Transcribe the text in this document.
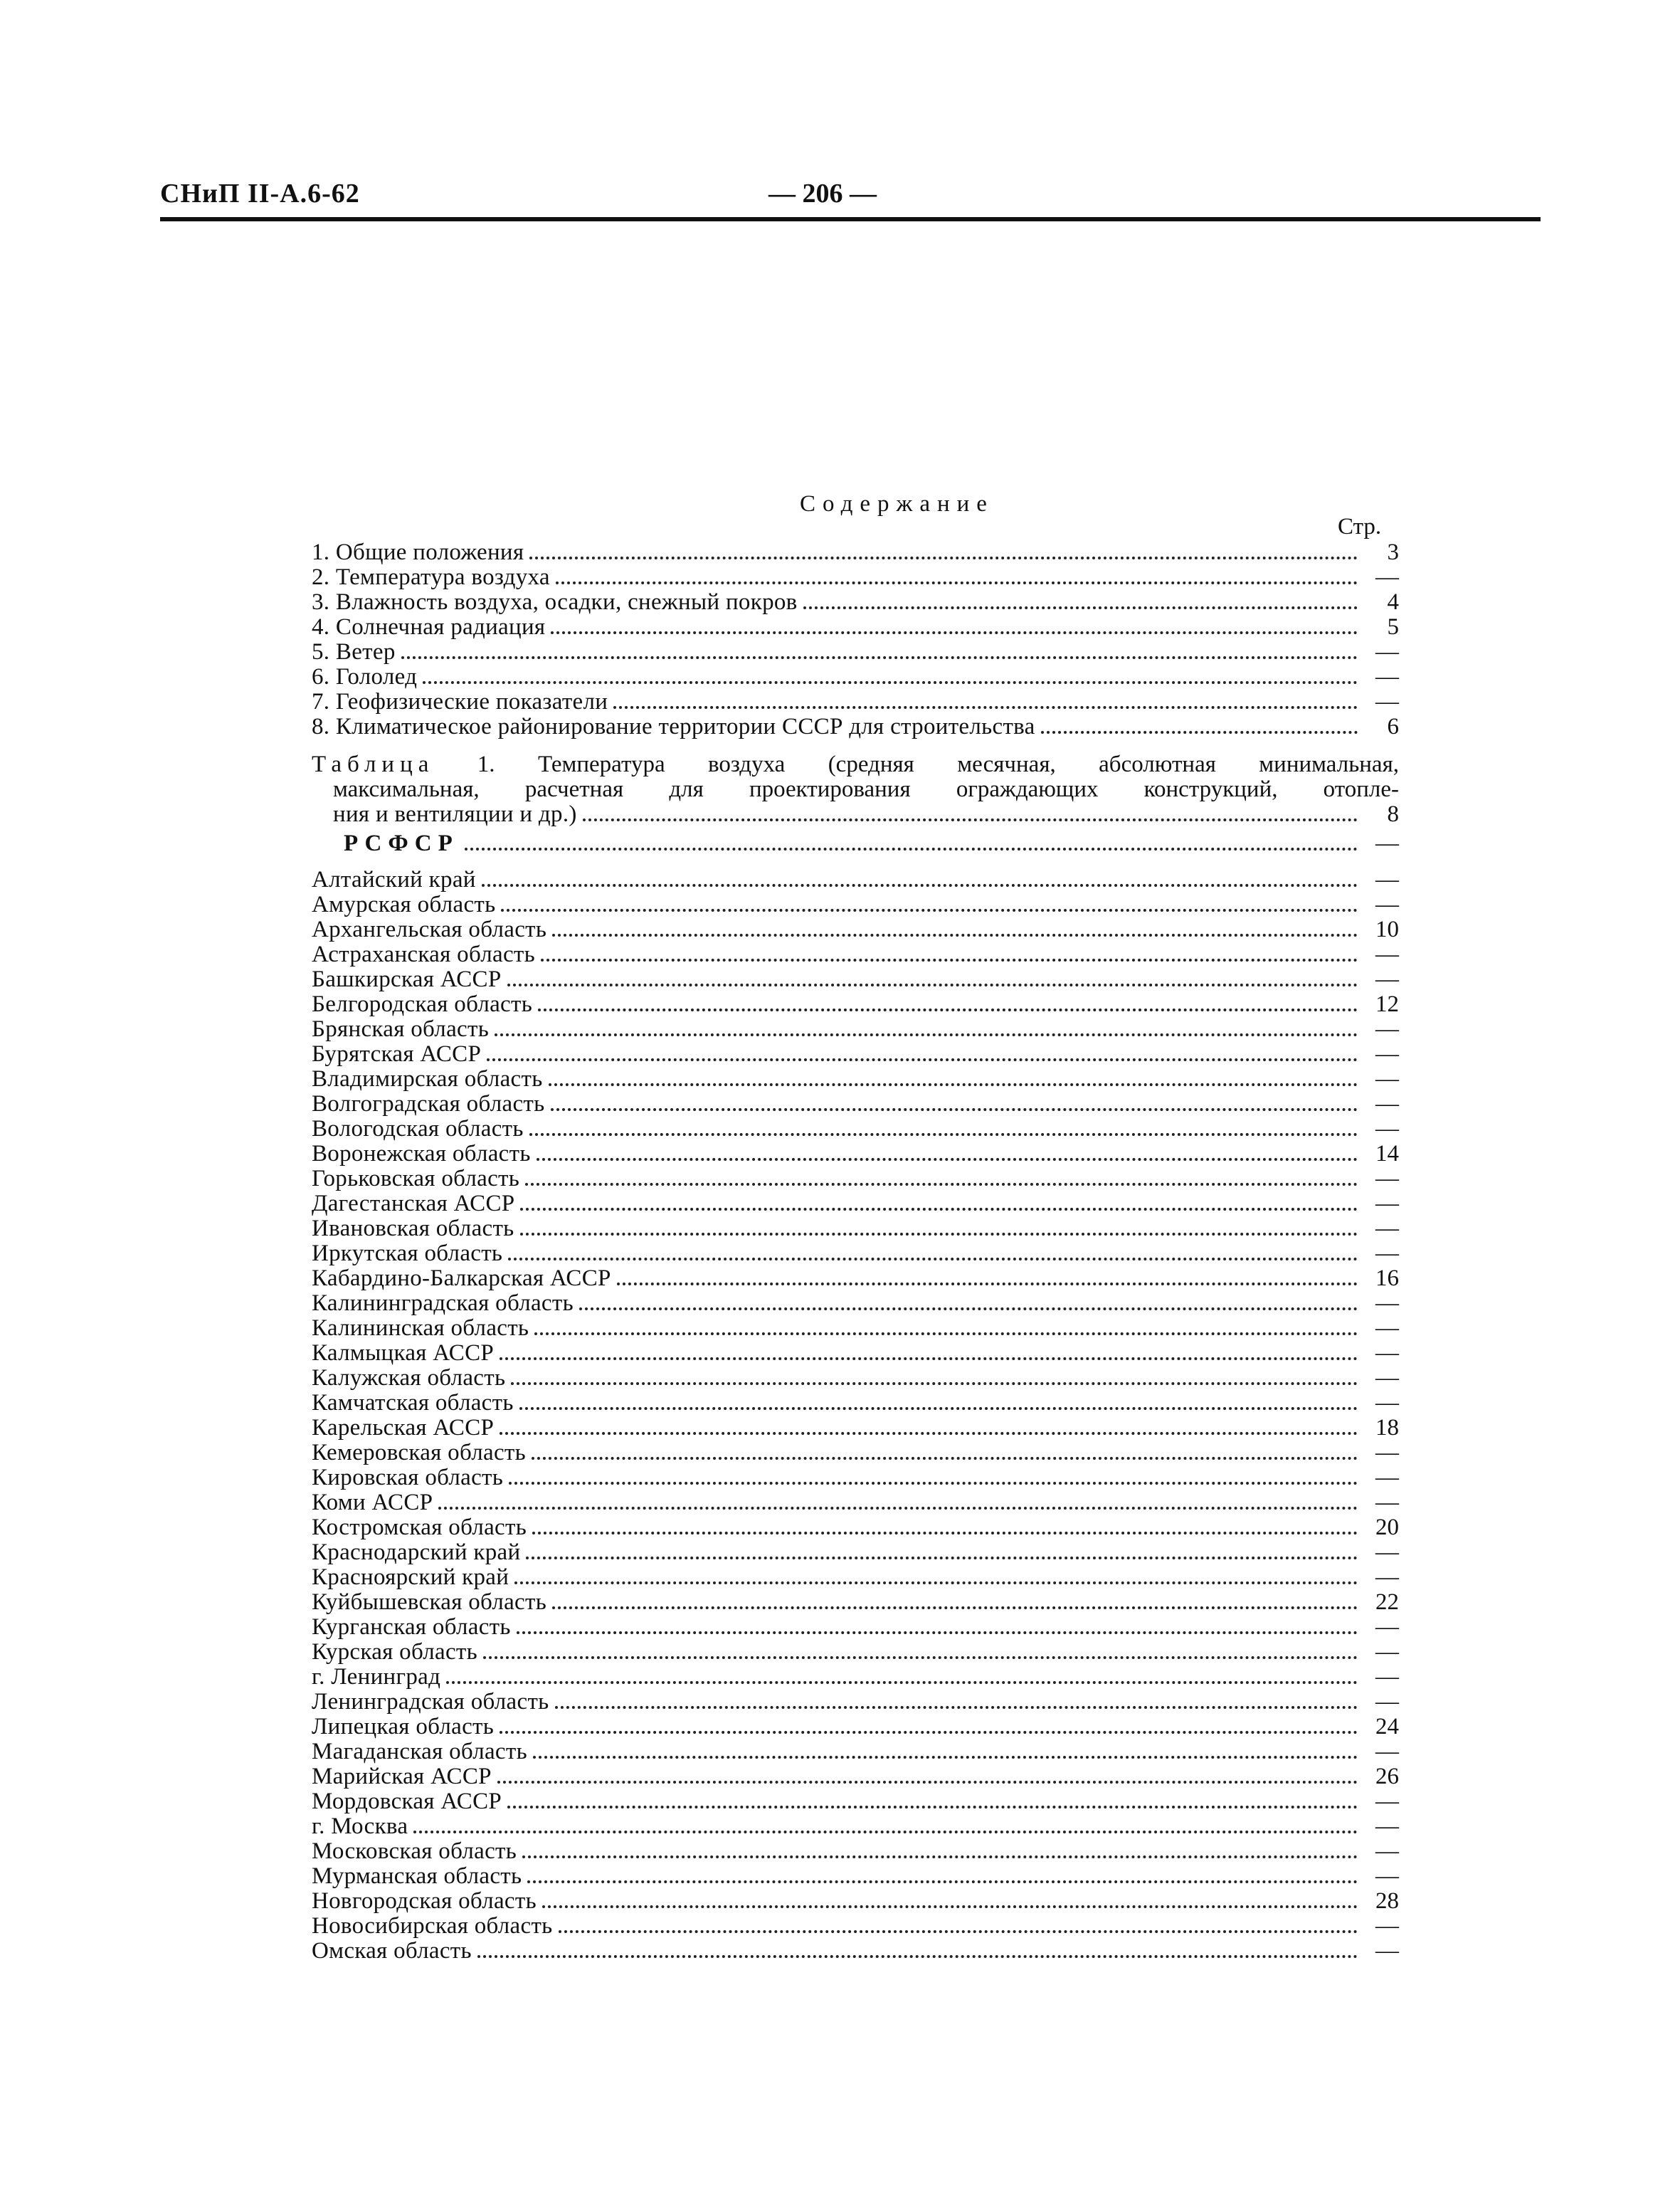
СНиП II-А.6-62	— 206 —
Содержание
Стр.
1. Общие положения	3
2. Температура воздуха	—
3. Влажность воздуха, осадки, снежный покров	4
4. Солнечная радиация	5
5. Ветер	—
6. Гололед	—
7. Геофизические показатели	—
8. Климатическое районирование территории СССР для строительства	6
Таблица 1. Температура воздуха (средняя месячная, абсолютная минимальная,
максимальная, расчетная для проектирования ограждающих конструкций, отопле-
ния и вентиляции и др.)	8
РСФСР	—
Алтайский край	—
Амурская область	—
Архангельская область	10
Астраханская область	—
Башкирская АССР	—
Белгородская область	12
Брянская область	—
Бурятская АССР	—
Владимирская область	—
Волгоградская область	—
Вологодская область	—
Воронежская область	14
Горьковская область	—
Дагестанская АССР	—
Ивановская область	—
Иркутская область	—
Кабардино-Балкарская АССР	16
Калининградская область	—
Калининская область	—
Калмыцкая АССР	—
Калужская область	—
Камчатская область	—
Карельская АССР	18
Кемеровская область	—
Кировская область	—
Коми АССР	—
Костромская область	20
Краснодарский край	—
Красноярский край	—
Куйбышевская область	22
Курганская область	—
Курская область	—
г. Ленинград	—
Ленинградская область	—
Липецкая область	24
Магаданская область	—
Марийская АССР	26
Мордовская АССР	—
г. Москва	—
Московская область	—
Мурманская область	—
Новгородская область	28
Новосибирская область	—
Омская область	—
